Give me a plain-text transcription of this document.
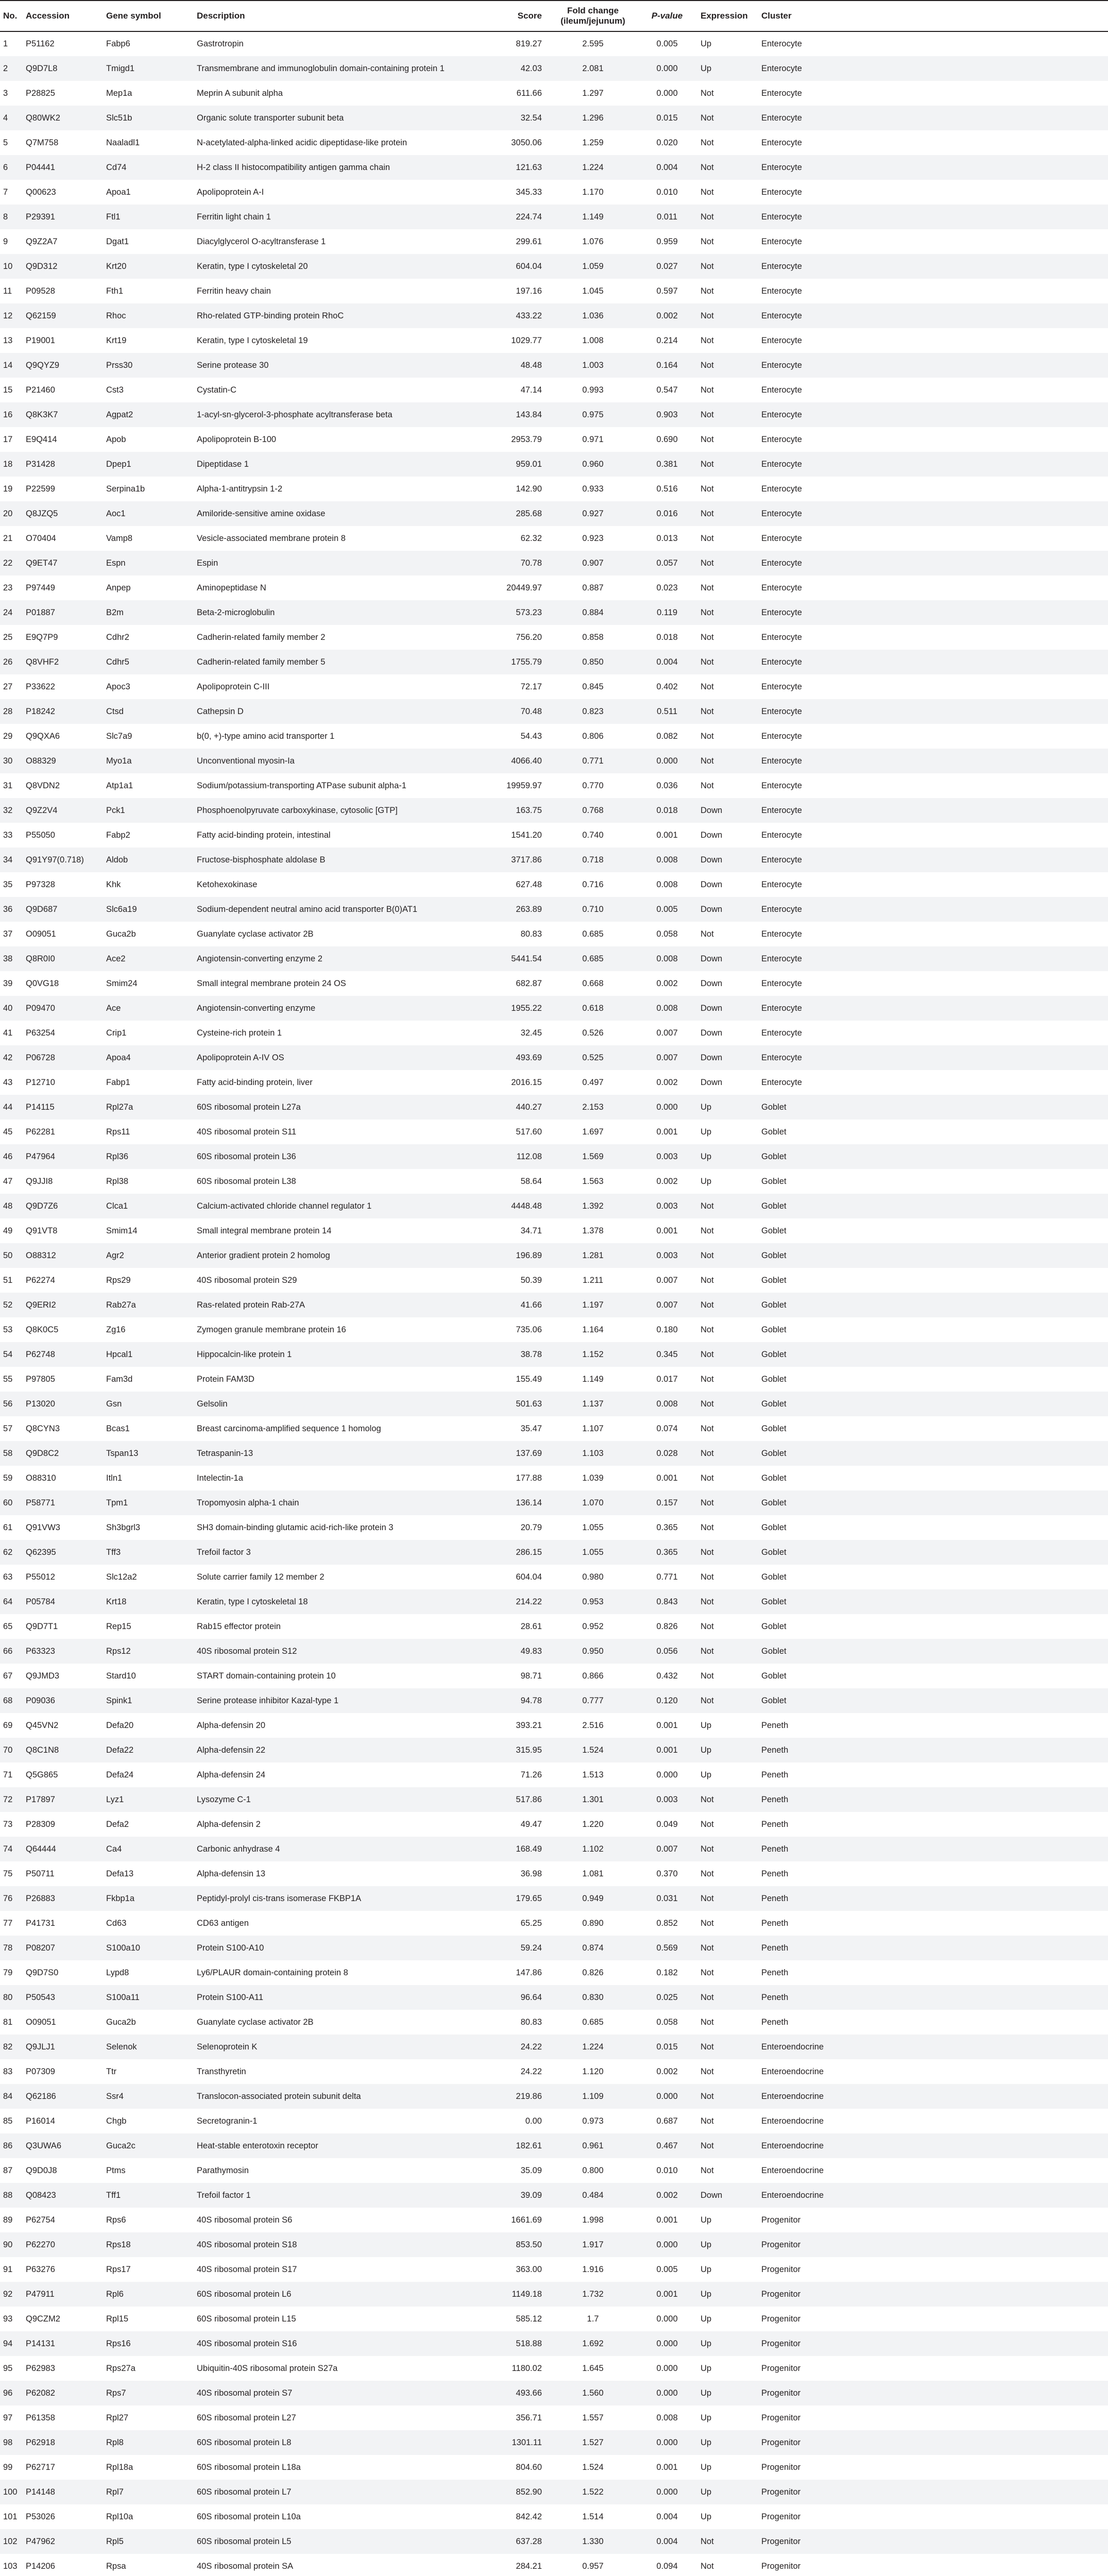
No.	Accession	Gene symbol	Description	Score	Fold change (ileum/jejunum)	P-value	Expression	Cluster
1	P51162	Fabp6	Gastrotropin	819.27	2.595	0.005	Up	Enterocyte
2	Q9D7L8	Tmigd1	Transmembrane and immunoglobulin domain-containing protein 1	42.03	2.081	0.000	Up	Enterocyte
3	P28825	Mep1a	Meprin A subunit alpha	611.66	1.297	0.000	Not	Enterocyte
4	Q80WK2	Slc51b	Organic solute transporter subunit beta	32.54	1.296	0.015	Not	Enterocyte
5	Q7M758	Naaladl1	N-acetylated-alpha-linked acidic dipeptidase-like protein	3050.06	1.259	0.020	Not	Enterocyte
6	P04441	Cd74	H-2 class II histocompatibility antigen gamma chain	121.63	1.224	0.004	Not	Enterocyte
7	Q00623	Apoa1	Apolipoprotein A-I	345.33	1.170	0.010	Not	Enterocyte
8	P29391	Ftl1	Ferritin light chain 1	224.74	1.149	0.011	Not	Enterocyte
9	Q9Z2A7	Dgat1	Diacylglycerol O-acyltransferase 1	299.61	1.076	0.959	Not	Enterocyte
10	Q9D312	Krt20	Keratin, type I cytoskeletal 20	604.04	1.059	0.027	Not	Enterocyte
11	P09528	Fth1	Ferritin heavy chain	197.16	1.045	0.597	Not	Enterocyte
12	Q62159	Rhoc	Rho-related GTP-binding protein RhoC	433.22	1.036	0.002	Not	Enterocyte
13	P19001	Krt19	Keratin, type I cytoskeletal 19	1029.77	1.008	0.214	Not	Enterocyte
14	Q9QYZ9	Prss30	Serine protease 30	48.48	1.003	0.164	Not	Enterocyte
15	P21460	Cst3	Cystatin-C	47.14	0.993	0.547	Not	Enterocyte
16	Q8K3K7	Agpat2	1-acyl-sn-glycerol-3-phosphate acyltransferase beta	143.84	0.975	0.903	Not	Enterocyte
17	E9Q414	Apob	Apolipoprotein B-100	2953.79	0.971	0.690	Not	Enterocyte
18	P31428	Dpep1	Dipeptidase 1	959.01	0.960	0.381	Not	Enterocyte
19	P22599	Serpina1b	Alpha-1-antitrypsin 1-2	142.90	0.933	0.516	Not	Enterocyte
20	Q8JZQ5	Aoc1	Amiloride-sensitive amine oxidase	285.68	0.927	0.016	Not	Enterocyte
21	O70404	Vamp8	Vesicle-associated membrane protein 8	62.32	0.923	0.013	Not	Enterocyte
22	Q9ET47	Espn	Espin	70.78	0.907	0.057	Not	Enterocyte
23	P97449	Anpep	Aminopeptidase N	20449.97	0.887	0.023	Not	Enterocyte
24	P01887	B2m	Beta-2-microglobulin	573.23	0.884	0.119	Not	Enterocyte
25	E9Q7P9	Cdhr2	Cadherin-related family member 2	756.20	0.858	0.018	Not	Enterocyte
26	Q8VHF2	Cdhr5	Cadherin-related family member 5	1755.79	0.850	0.004	Not	Enterocyte
27	P33622	Apoc3	Apolipoprotein C-III	72.17	0.845	0.402	Not	Enterocyte
28	P18242	Ctsd	Cathepsin D	70.48	0.823	0.511	Not	Enterocyte
29	Q9QXA6	Slc7a9	b(0, +)-type amino acid transporter 1	54.43	0.806	0.082	Not	Enterocyte
30	O88329	Myo1a	Unconventional myosin-Ia	4066.40	0.771	0.000	Not	Enterocyte
31	Q8VDN2	Atp1a1	Sodium/potassium-transporting ATPase subunit alpha-1	19959.97	0.770	0.036	Not	Enterocyte
32	Q9Z2V4	Pck1	Phosphoenolpyruvate carboxykinase, cytosolic [GTP]	163.75	0.768	0.018	Down	Enterocyte
33	P55050	Fabp2	Fatty acid-binding protein, intestinal	1541.20	0.740	0.001	Down	Enterocyte
34	Q91Y97(0.718)	Aldob	Fructose-bisphosphate aldolase B	3717.86	0.718	0.008	Down	Enterocyte
35	P97328	Khk	Ketohexokinase	627.48	0.716	0.008	Down	Enterocyte
36	Q9D687	Slc6a19	Sodium-dependent neutral amino acid transporter B(0)AT1	263.89	0.710	0.005	Down	Enterocyte
37	O09051	Guca2b	Guanylate cyclase activator 2B	80.83	0.685	0.058	Not	Enterocyte
38	Q8R0I0	Ace2	Angiotensin-converting enzyme 2	5441.54	0.685	0.008	Down	Enterocyte
39	Q0VG18	Smim24	Small integral membrane protein 24 OS	682.87	0.668	0.002	Down	Enterocyte
40	P09470	Ace	Angiotensin-converting enzyme	1955.22	0.618	0.008	Down	Enterocyte
41	P63254	Crip1	Cysteine-rich protein 1	32.45	0.526	0.007	Down	Enterocyte
42	P06728	Apoa4	Apolipoprotein A-IV OS	493.69	0.525	0.007	Down	Enterocyte
43	P12710	Fabp1	Fatty acid-binding protein, liver	2016.15	0.497	0.002	Down	Enterocyte
44	P14115	Rpl27a	60S ribosomal protein L27a	440.27	2.153	0.000	Up	Goblet
45	P62281	Rps11	40S ribosomal protein S11	517.60	1.697	0.001	Up	Goblet
46	P47964	Rpl36	60S ribosomal protein L36	112.08	1.569	0.003	Up	Goblet
47	Q9JJI8	Rpl38	60S ribosomal protein L38	58.64	1.563	0.002	Up	Goblet
48	Q9D7Z6	Clca1	Calcium-activated chloride channel regulator 1	4448.48	1.392	0.003	Not	Goblet
49	Q91VT8	Smim14	Small integral membrane protein 14	34.71	1.378	0.001	Not	Goblet
50	O88312	Agr2	Anterior gradient protein 2 homolog	196.89	1.281	0.003	Not	Goblet
51	P62274	Rps29	40S ribosomal protein S29	50.39	1.211	0.007	Not	Goblet
52	Q9ERI2	Rab27a	Ras-related protein Rab-27A	41.66	1.197	0.007	Not	Goblet
53	Q8K0C5	Zg16	Zymogen granule membrane protein 16	735.06	1.164	0.180	Not	Goblet
54	P62748	Hpcal1	Hippocalcin-like protein 1	38.78	1.152	0.345	Not	Goblet
55	P97805	Fam3d	Protein FAM3D	155.49	1.149	0.017	Not	Goblet
56	P13020	Gsn	Gelsolin	501.63	1.137	0.008	Not	Goblet
57	Q8CYN3	Bcas1	Breast carcinoma-amplified sequence 1 homolog	35.47	1.107	0.074	Not	Goblet
58	Q9D8C2	Tspan13	Tetraspanin-13	137.69	1.103	0.028	Not	Goblet
59	O88310	Itln1	Intelectin-1a	177.88	1.039	0.001	Not	Goblet
60	P58771	Tpm1	Tropomyosin alpha-1 chain	136.14	1.070	0.157	Not	Goblet
61	Q91VW3	Sh3bgrl3	SH3 domain-binding glutamic acid-rich-like protein 3	20.79	1.055	0.365	Not	Goblet
62	Q62395	Tff3	Trefoil factor 3	286.15	1.055	0.365	Not	Goblet
63	P55012	Slc12a2	Solute carrier family 12 member 2	604.04	0.980	0.771	Not	Goblet
64	P05784	Krt18	Keratin, type I cytoskeletal 18	214.22	0.953	0.843	Not	Goblet
65	Q9D7T1	Rep15	Rab15 effector protein	28.61	0.952	0.826	Not	Goblet
66	P63323	Rps12	40S ribosomal protein S12	49.83	0.950	0.056	Not	Goblet
67	Q9JMD3	Stard10	START domain-containing protein 10	98.71	0.866	0.432	Not	Goblet
68	P09036	Spink1	Serine protease inhibitor Kazal-type 1	94.78	0.777	0.120	Not	Goblet
69	Q45VN2	Defa20	Alpha-defensin 20	393.21	2.516	0.001	Up	Peneth
70	Q8C1N8	Defa22	Alpha-defensin 22	315.95	1.524	0.001	Up	Peneth
71	Q5G865	Defa24	Alpha-defensin 24	71.26	1.513	0.000	Up	Peneth
72	P17897	Lyz1	Lysozyme C-1	517.86	1.301	0.003	Not	Peneth
73	P28309	Defa2	Alpha-defensin 2	49.47	1.220	0.049	Not	Peneth
74	Q64444	Ca4	Carbonic anhydrase 4	168.49	1.102	0.007	Not	Peneth
75	P50711	Defa13	Alpha-defensin 13	36.98	1.081	0.370	Not	Peneth
76	P26883	Fkbp1a	Peptidyl-prolyl cis-trans isomerase FKBP1A	179.65	0.949	0.031	Not	Peneth
77	P41731	Cd63	CD63 antigen	65.25	0.890	0.852	Not	Peneth
78	P08207	S100a10	Protein S100-A10	59.24	0.874	0.569	Not	Peneth
79	Q9D7S0	Lypd8	Ly6/PLAUR domain-containing protein 8	147.86	0.826	0.182	Not	Peneth
80	P50543	S100a11	Protein S100-A11	96.64	0.830	0.025	Not	Peneth
81	O09051	Guca2b	Guanylate cyclase activator 2B	80.83	0.685	0.058	Not	Peneth
82	Q9JLJ1	Selenok	Selenoprotein K	24.22	1.224	0.015	Not	Enteroendocrine
83	P07309	Ttr	Transthyretin	24.22	1.120	0.002	Not	Enteroendocrine
84	Q62186	Ssr4	Translocon-associated protein subunit delta	219.86	1.109	0.000	Not	Enteroendocrine
85	P16014	Chgb	Secretogranin-1	0.00	0.973	0.687	Not	Enteroendocrine
86	Q3UWA6	Guca2c	Heat-stable enterotoxin receptor	182.61	0.961	0.467	Not	Enteroendocrine
87	Q9D0J8	Ptms	Parathymosin	35.09	0.800	0.010	Not	Enteroendocrine
88	Q08423	Tff1	Trefoil factor 1	39.09	0.484	0.002	Down	Enteroendocrine
89	P62754	Rps6	40S ribosomal protein S6	1661.69	1.998	0.001	Up	Progenitor
90	P62270	Rps18	40S ribosomal protein S18	853.50	1.917	0.000	Up	Progenitor
91	P63276	Rps17	40S ribosomal protein S17	363.00	1.916	0.005	Up	Progenitor
92	P47911	Rpl6	60S ribosomal protein L6	1149.18	1.732	0.001	Up	Progenitor
93	Q9CZM2	Rpl15	60S ribosomal protein L15	585.12	1.7	0.000	Up	Progenitor
94	P14131	Rps16	40S ribosomal protein S16	518.88	1.692	0.000	Up	Progenitor
95	P62983	Rps27a	Ubiquitin-40S ribosomal protein S27a	1180.02	1.645	0.000	Up	Progenitor
96	P62082	Rps7	40S ribosomal protein S7	493.66	1.560	0.000	Up	Progenitor
97	P61358	Rpl27	60S ribosomal protein L27	356.71	1.557	0.008	Up	Progenitor
98	P62918	Rpl8	60S ribosomal protein L8	1301.11	1.527	0.000	Up	Progenitor
99	P62717	Rpl18a	60S ribosomal protein L18a	804.60	1.524	0.001	Up	Progenitor
100	P14148	Rpl7	60S ribosomal protein L7	852.90	1.522	0.000	Up	Progenitor
101	P53026	Rpl10a	60S ribosomal protein L10a	842.42	1.514	0.004	Up	Progenitor
102	P47962	Rpl5	60S ribosomal protein L5	637.28	1.330	0.004	Not	Progenitor
103	P14206	Rpsa	40S ribosomal protein SA	284.21	0.957	0.094	Not	Progenitor
